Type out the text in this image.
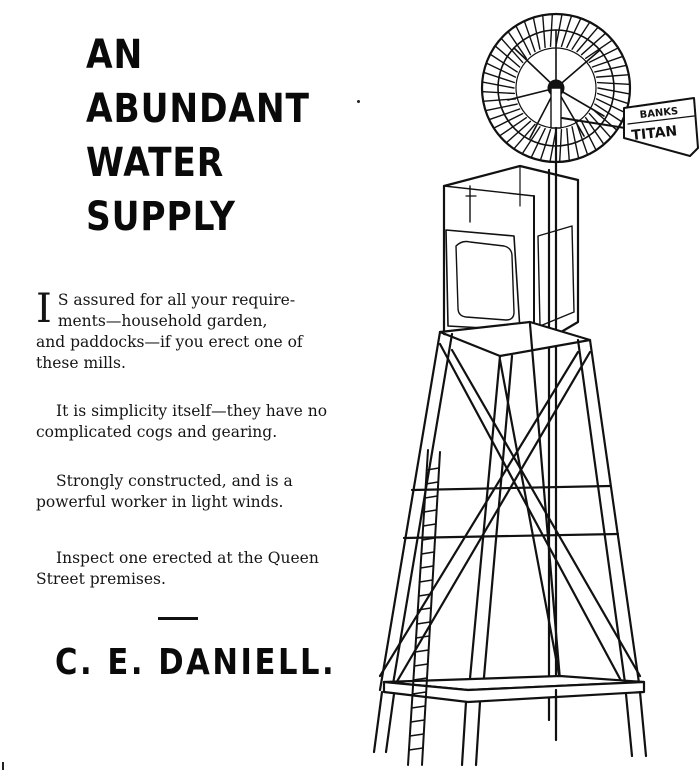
AN
ABUNDANT
WATER
SUPPLY

I S assured for all your require-
ments—household garden,
and paddocks—if you erect one of these mills.

It is simplicity itself—they have no complicated cogs and gearing.

Strongly constructed, and is a powerful worker in light winds.

Inspect one erected at the Queen Street premises.

C. E. DANIELL.
BANKS
TITAN
